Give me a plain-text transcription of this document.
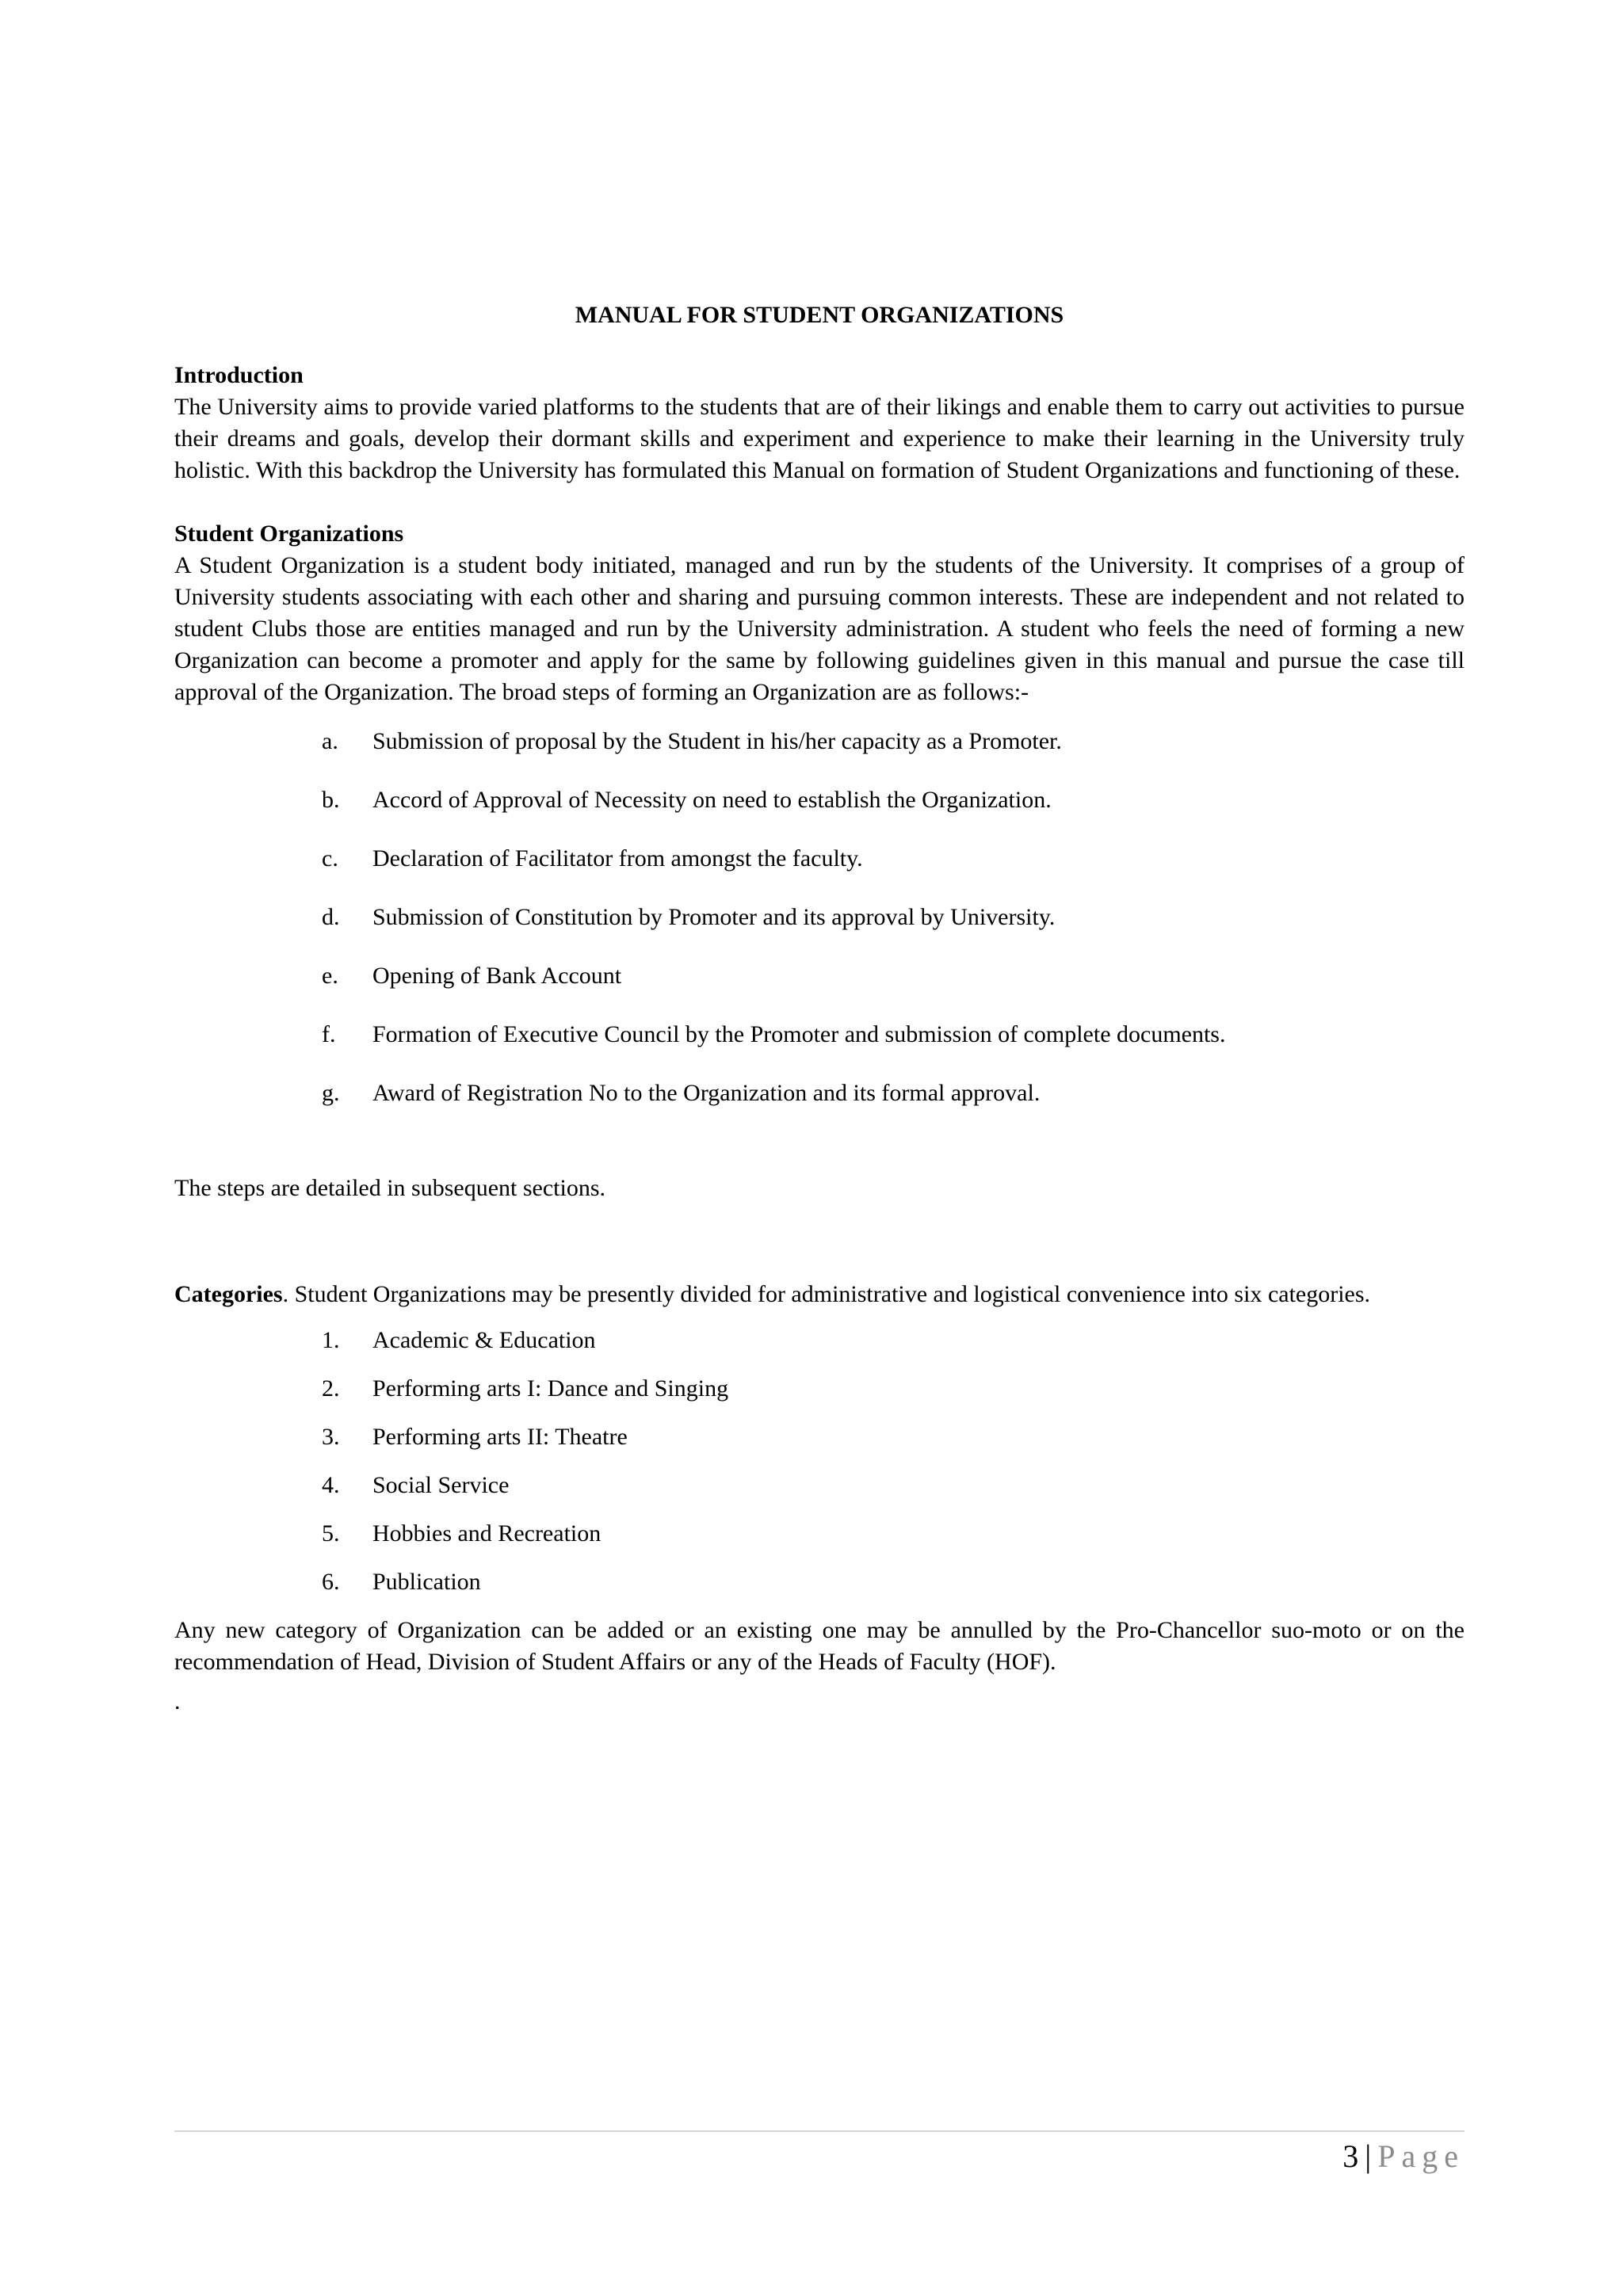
MANUAL FOR STUDENT ORGANIZATIONS

Introduction

The University aims to provide varied platforms to the students that are of their likings and enable them to carry out activities to pursue their dreams and goals, develop their dormant skills and experiment and experience to make their learning in the University truly holistic. With this backdrop the University has formulated this Manual on formation of Student Organizations and functioning of these.

Student Organizations

A Student Organization is a student body initiated, managed and run by the students of the University. It comprises of a group of University students associating with each other and sharing and pursuing common interests. These are independent and not related to student Clubs those are entities managed and run by the University administration. A student who feels the need of forming a new Organization can become a promoter and apply for the same by following guidelines given in this manual and pursue the case till approval of the Organization. The broad steps of forming an Organization are as follows:-

a.	Submission of proposal by the Student in his/her capacity as a Promoter.
b.	Accord of Approval of Necessity on need to establish the Organization.
c.	Declaration of Facilitator from amongst the faculty.
d.	Submission of Constitution by Promoter and its approval by University.
e.	Opening of Bank Account
f.	Formation of Executive Council by the Promoter and submission of complete documents.
g.	Award of Registration No to the Organization and its formal approval.

The steps are detailed in subsequent sections.

Categories. Student Organizations may be presently divided for administrative and logistical convenience into six categories.

1.	Academic & Education
2.	Performing arts I: Dance and Singing
3.	Performing arts II: Theatre
4.	Social Service
5.	Hobbies and Recreation
6.	Publication

Any new category of Organization can be added or an existing one may be annulled by the Pro-Chancellor suo-moto or on the recommendation of Head, Division of Student Affairs or any of the Heads of Faculty (HOF).

.

3 | Page
